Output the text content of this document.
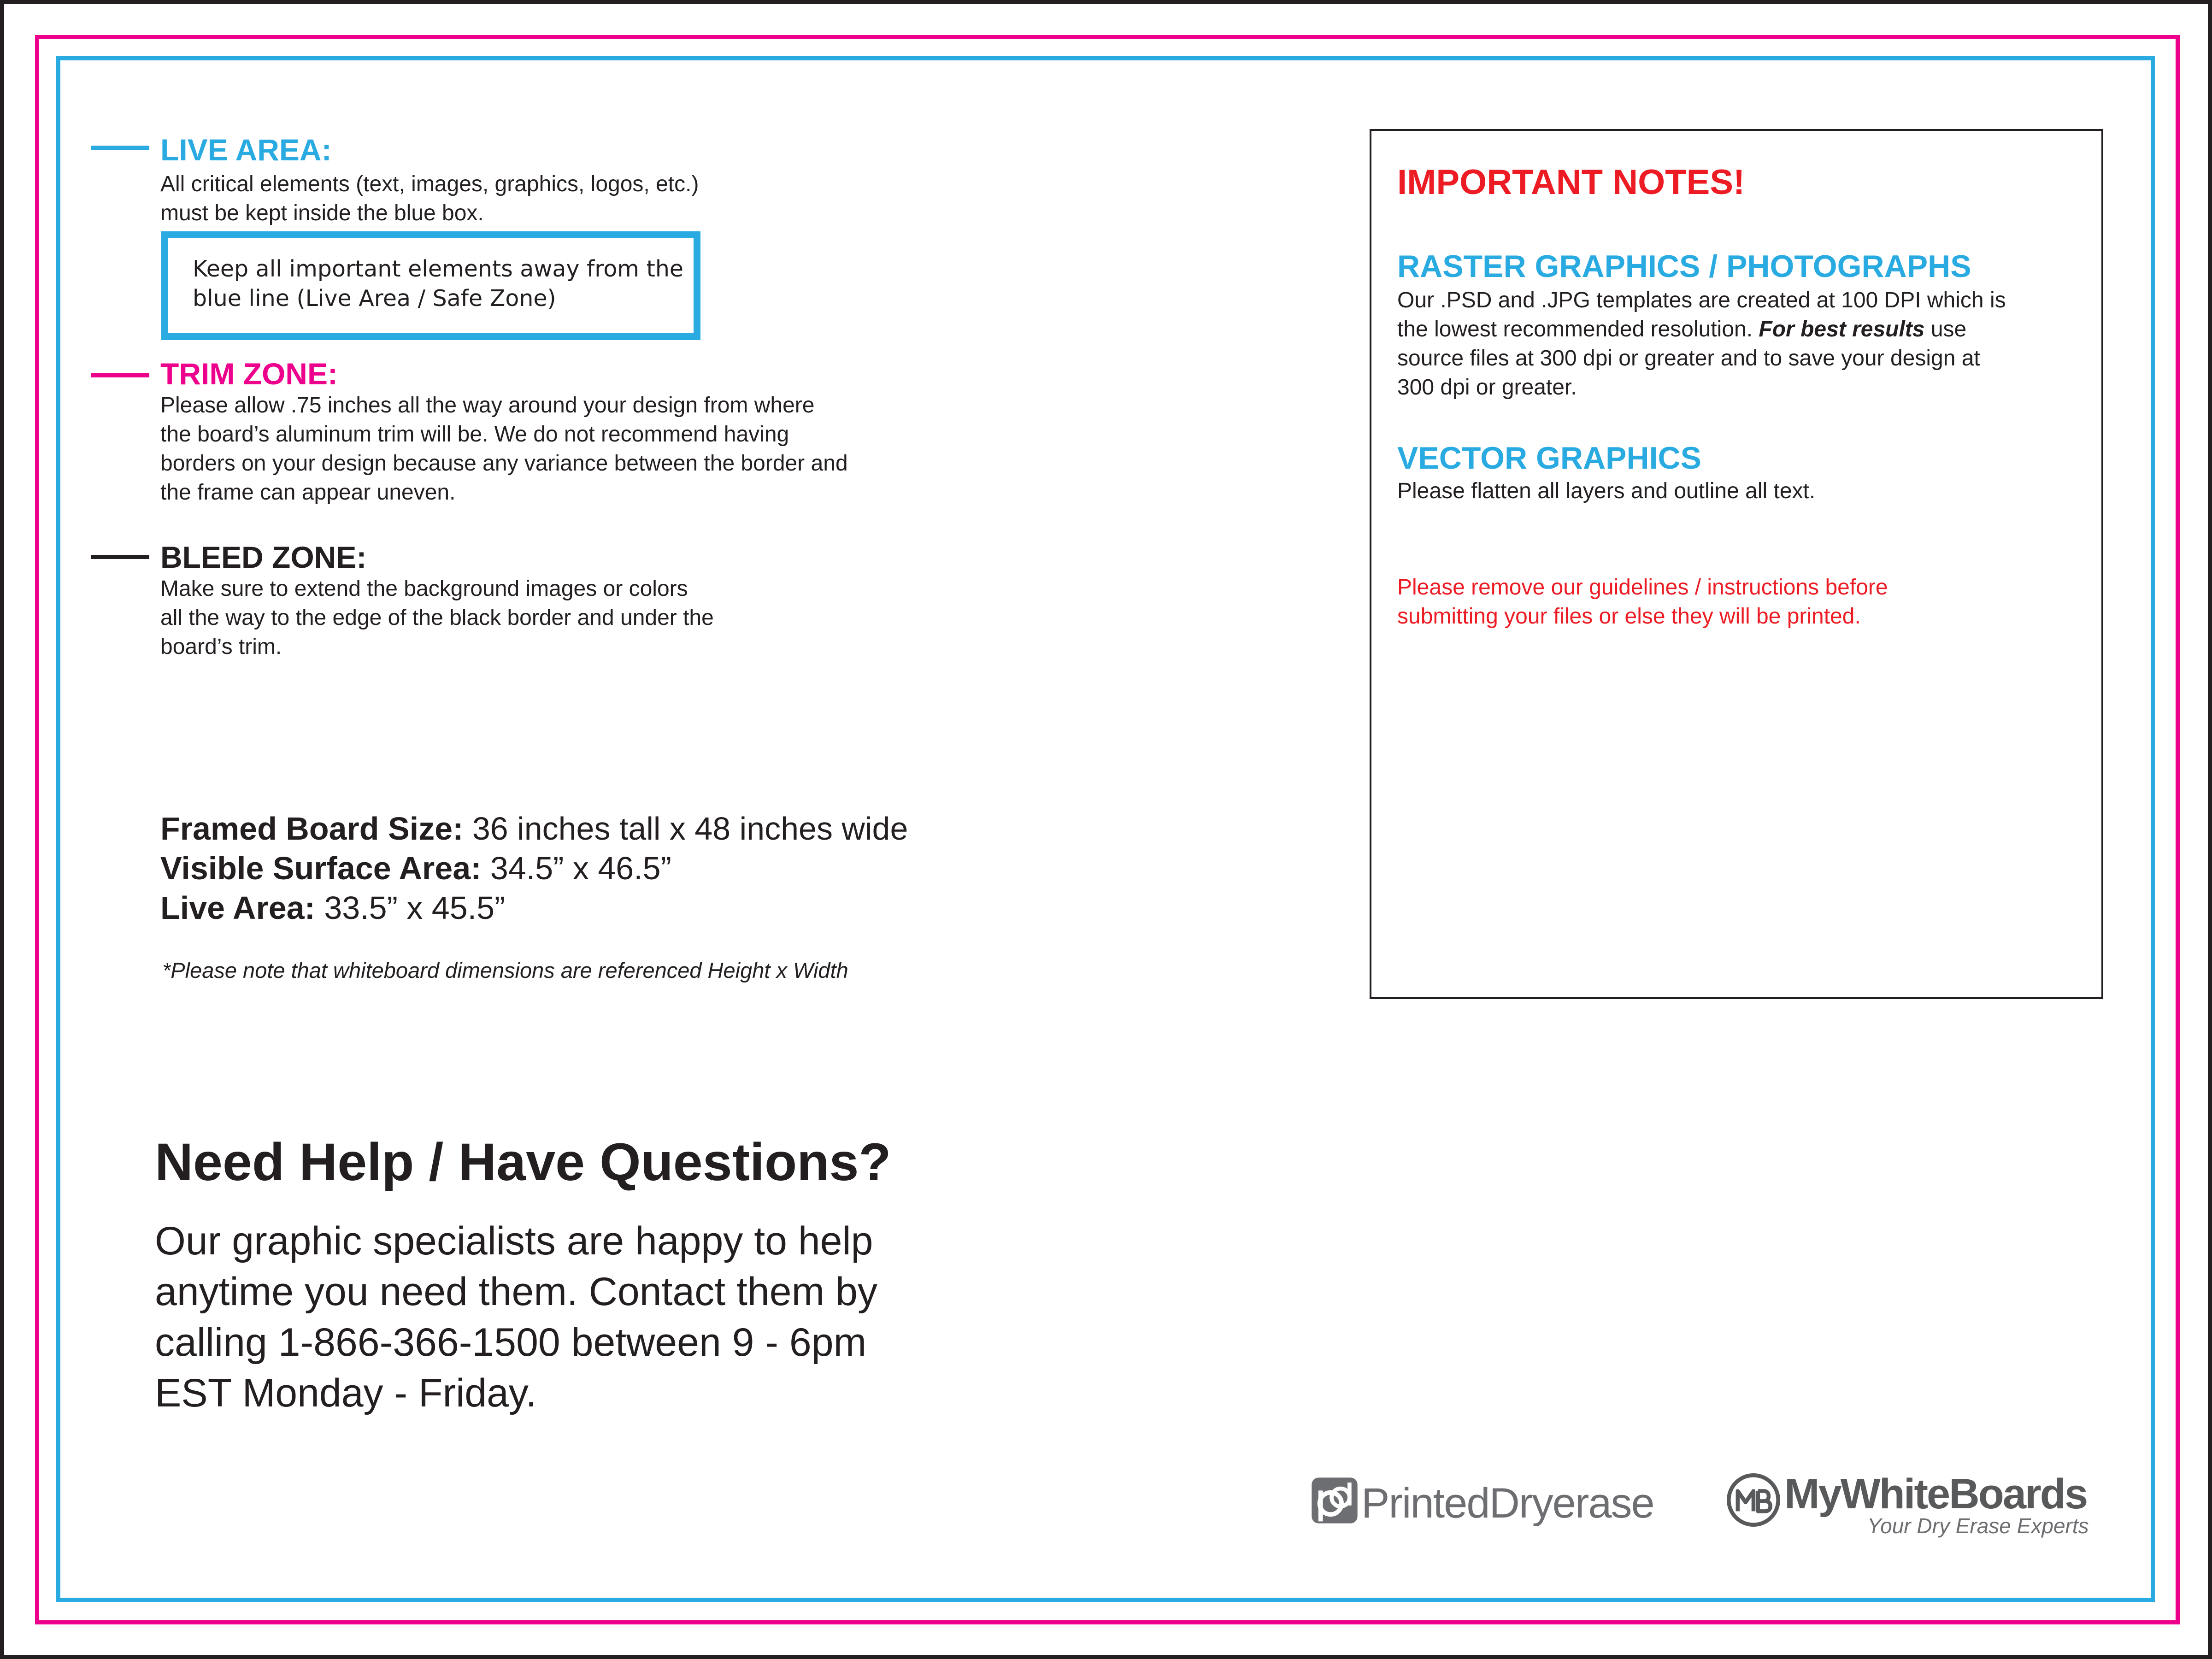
LIVE AREA:
All critical elements (text, images, graphics, logos, etc.)
must be kept inside the blue box.
Keep all important elements away from the
blue line (Live Area / Safe Zone)
TRIM ZONE:
Please allow .75 inches all the way around your design from where
the board’s aluminum trim will be. We do not recommend having
borders on your design because any variance between the border and
the frame can appear uneven.
BLEED ZONE:
Make sure to extend the background images or colors
all the way to the edge of the black border and under the
board’s trim.
Framed Board Size: 36 inches tall x 48 inches wide
Visible Surface Area: 34.5” x 46.5”
Live Area: 33.5” x 45.5”
*Please note that whiteboard dimensions are referenced Height x Width
Need Help / Have Questions?
Our graphic specialists are happy to help
anytime you need them. Contact them by
calling 1-866-366-1500 between 9 - 6pm
EST Monday - Friday.
IMPORTANT NOTES!
RASTER GRAPHICS / PHOTOGRAPHS
Our .PSD and .JPG templates are created at 100 DPI which is
the lowest recommended resolution. For best results use
source files at 300 dpi or greater and to save your design at
300 dpi or greater.
VECTOR GRAPHICS
Please flatten all layers and outline all text.
Please remove our guidelines / instructions before
submitting your files or else they will be printed.
PrintedDryerase	MyWhiteBoards
Your Dry Erase Experts
